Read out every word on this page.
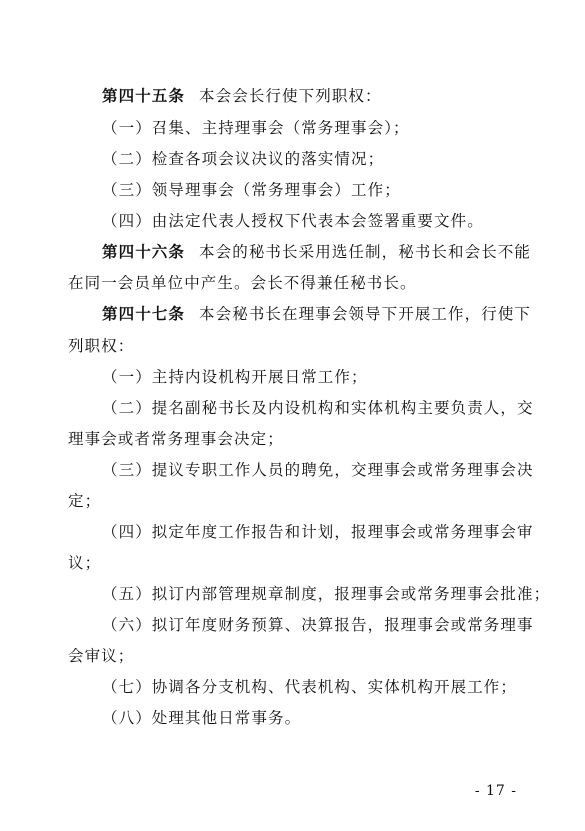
第四十五条 本会会长行使下列职权：
（一）召集、主持理事会（常务理事会）；
（二）检查各项会议决议的落实情况；
（三）领导理事会（常务理事会）工作；
（四）由法定代表人授权下代表本会签署重要文件。
第四十六条 本会的秘书长采用选任制，秘书长和会长不能
在同一会员单位中产生。会长不得兼任秘书长。
第四十七条 本会秘书长在理事会领导下开展工作，行使下
列职权：
（一）主持内设机构开展日常工作；
（二）提名副秘书长及内设机构和实体机构主要负责人，交
理事会或者常务理事会决定；
（三）提议专职工作人员的聘免，交理事会或常务理事会决
定；
（四）拟定年度工作报告和计划，报理事会或常务理事会审
议；
（五）拟订内部管理规章制度，报理事会或常务理事会批准；
（六）拟订年度财务预算、决算报告，报理事会或常务理事
会审议；
（七）协调各分支机构、代表机构、实体机构开展工作；
（八）处理其他日常事务。
- 17 -
